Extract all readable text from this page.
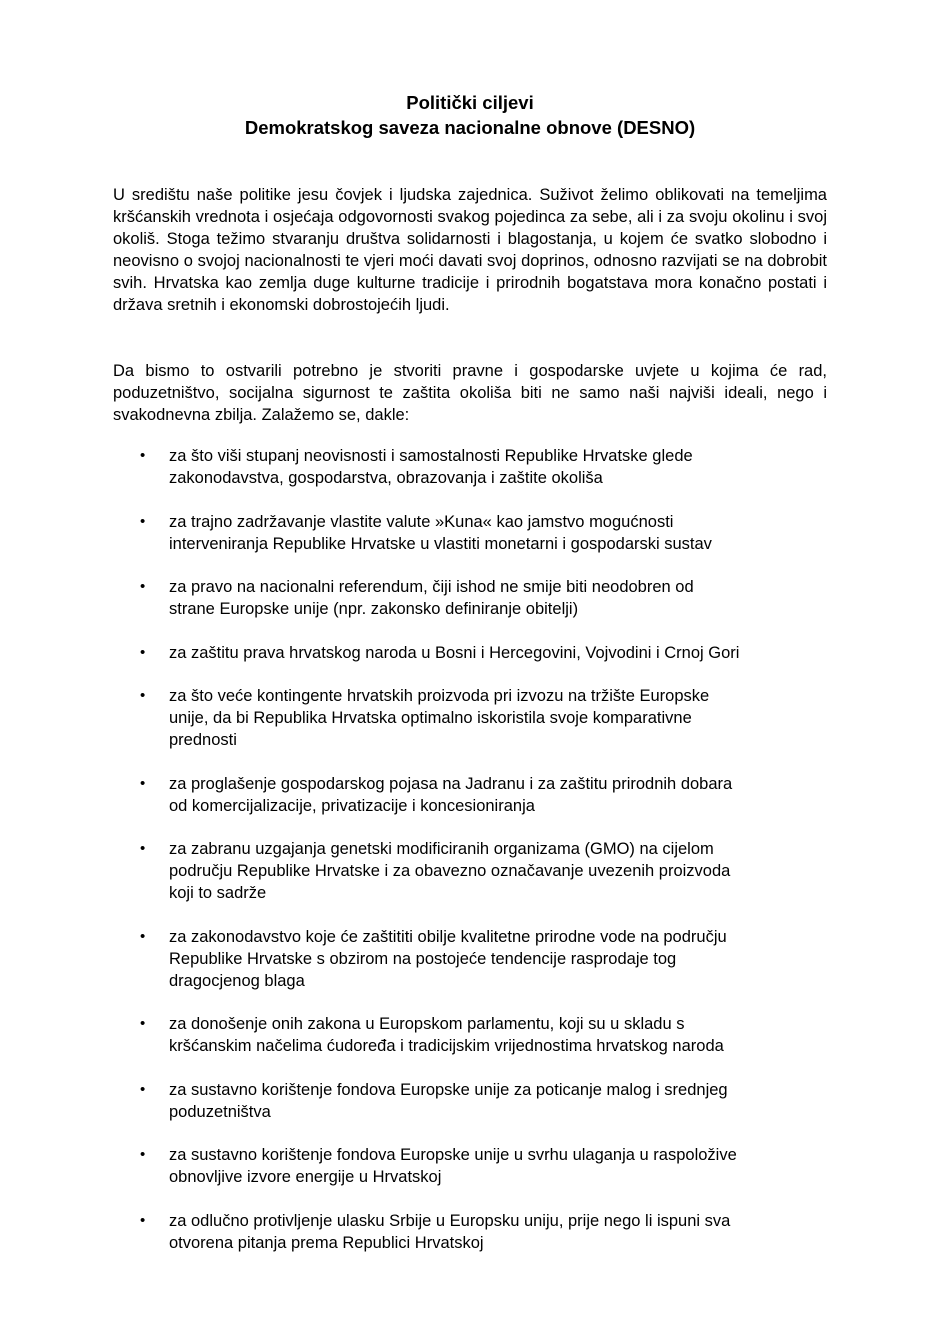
Politički ciljevi
Demokratskog saveza nacionalne obnove (DESNO)

U središtu naše politike jesu čovjek i ljudska zajednica. Suživot želimo oblikovati na temeljima kršćanskih vrednota i osjećaja odgovornosti svakog pojedinca za sebe, ali i za svoju okolinu i svoj okoliš. Stoga težimo stvaranju društva solidarnosti i blagostanja, u kojem će svatko slobodno i neovisno o svojoj nacionalnosti te vjeri moći davati svoj doprinos, odnosno razvijati se na dobrobit svih. Hrvatska kao zemlja duge kulturne tradicije i prirodnih bogatstava mora konačno postati i država sretnih i ekonomski dobrostojećih ljudi.

Da bismo to ostvarili potrebno je stvoriti pravne i gospodarske uvjete u kojima će rad, poduzetništvo, socijalna sigurnost te zaštita okoliša biti ne samo naši najviši ideali, nego i svakodnevna zbilja. Zalažemo se, dakle:

•	za što viši stupanj neovisnosti i samostalnosti Republike Hrvatske glede
zakonodavstva, gospodarstva, obrazovanja i zaštite okoliša
•	za trajno zadržavanje vlastite valute »Kuna« kao jamstvo mogućnosti
interveniranja Republike Hrvatske u vlastiti monetarni i gospodarski sustav
•	za pravo na nacionalni referendum, čiji ishod ne smije biti neodobren od
strane Europske unije (npr. zakonsko definiranje obitelji)
•	za zaštitu prava hrvatskog naroda u Bosni i Hercegovini, Vojvodini i Crnoj Gori
•	za što veće kontingente hrvatskih proizvoda pri izvozu na tržište Europske
unije, da bi Republika Hrvatska optimalno iskoristila svoje komparativne
prednosti
•	za proglašenje gospodarskog pojasa na Jadranu i za zaštitu prirodnih dobara
od komercijalizacije, privatizacije i koncesioniranja
•	za zabranu uzgajanja genetski modificiranih organizama (GMO) na cijelom
području Republike Hrvatske i za obavezno označavanje uvezenih proizvoda
koji to sadrže
•	za zakonodavstvo koje će zaštititi obilje kvalitetne prirodne vode na području
Republike Hrvatske s obzirom na postojeće tendencije rasprodaje tog
dragocjenog blaga
•	za donošenje onih zakona u Europskom parlamentu, koji su u skladu s
kršćanskim načelima ćudoređa i tradicijskim vrijednostima hrvatskog naroda
•	za sustavno korištenje fondova Europske unije za poticanje malog i srednjeg
poduzetništva
•	za sustavno korištenje fondova Europske unije u svrhu ulaganja u raspoložive
obnovljive izvore energije u Hrvatskoj
•	za odlučno protivljenje ulasku Srbije u Europsku uniju, prije nego li ispuni sva
otvorena pitanja prema Republici Hrvatskoj
